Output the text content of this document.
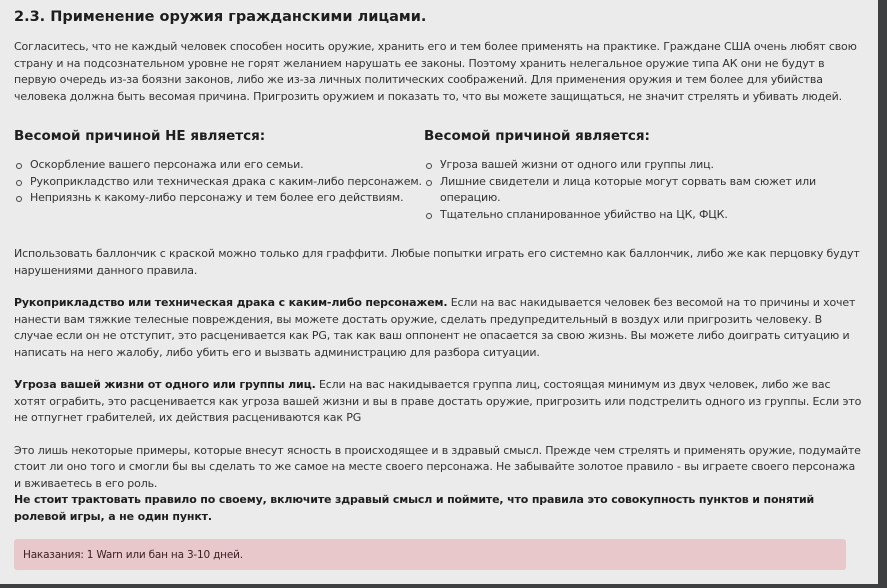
2.3. Применение оружия гражданскими лицами.

Согласитесь, что не каждый человек способен носить оружие, хранить его и тем более применять на практике. Граждане США очень любят свою страну и на подсознательном уровне не горят желанием нарушать ее законы. Поэтому хранить нелегальное оружие типа АК они не будут в первую очередь из-за боязни законов, либо же из-за личных политических соображений. Для применения оружия и тем более для убийства человека должна быть весомая причина. Пригрозить оружием и показать то, что вы можете защищаться, не значит стрелять и убивать людей.

Весомой причиной НЕ является:
Оскорбление вашего персонажа или его семьи.
Рукоприкладство или техническая драка с каким-либо персонажем.
Неприязнь к какому-либо персонажу и тем более его действиям.
Весомой причиной является:
Угроза вашей жизни от одного или группы лиц.
Лишние свидетели и лица которые могут сорвать вам сюжет или операцию.
Тщательно спланированное убийство на ЦК, ФЦК.

Использовать баллончик с краской можно только для граффити. Любые попытки играть его системно как баллончик, либо же как перцовку будут нарушениями данного правила.

Рукоприкладство или техническая драка с каким-либо персонажем. Если на вас накидывается человек без весомой на то причины и хочет нанести вам тяжкие телесные повреждения, вы можете достать оружие, сделать предупредительный в воздух или пригрозить человеку. В случае если он не отступит, это расценивается как PG, так как ваш оппонент не опасается за свою жизнь. Вы можете либо доиграть ситуацию и написать на него жалобу, либо убить его и вызвать администрацию для разбора ситуации.

Угроза вашей жизни от одного или группы лиц. Если на вас накидывается группа лиц, состоящая минимум из двух человек, либо же вас хотят ограбить, это расценивается как угроза вашей жизни и вы в праве достать оружие, пригрозить или подстрелить одного из группы. Если это не отпугнет грабителей, их действия расцениваются как PG

Это лишь некоторые примеры, которые внесут ясность в происходящее и в здравый смысл. Прежде чем стрелять и применять оружие, подумайте стоит ли оно того и смогли бы вы сделать то же самое на месте своего персонажа. Не забывайте золотое правило - вы играете своего персонажа и вживаетесь в его роль.

Не стоит трактовать правило по своему, включите здравый смысл и поймите, что правила это совокупность пунктов и понятий ролевой игры, а не один пункт.

Наказания: 1 Warn или бан на 3-10 дней.
